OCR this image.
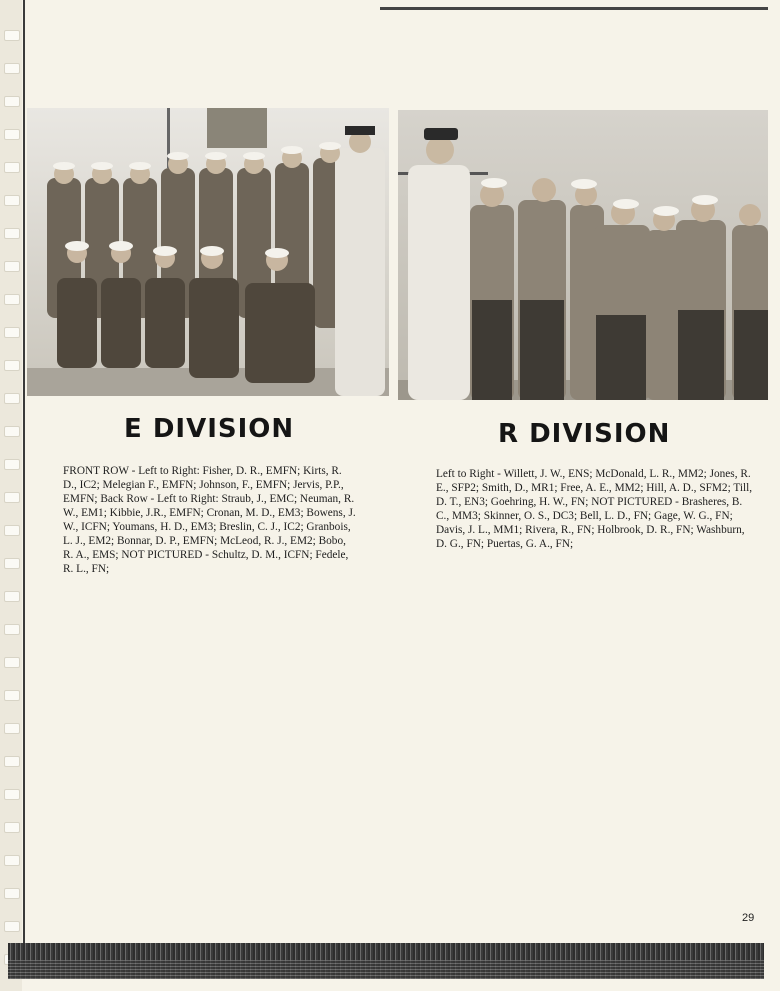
E DIVISION	R DIVISION
FRONT ROW - Left to Right: Fisher, D. R., EMFN; Kirts, R. D., IC2; Melegian F., EMFN; Johnson, F., EMFN; Jervis, P.P., EMFN; Back Row - Left to Right: Straub, J., EMC; Neuman, R. W., EM1; Kibbie, J.R., EMFN; Cronan, M. D., EM3; Bowens, J. W., ICFN; Youmans, H. D., EM3; Breslin, C. J., IC2; Granbois, L. J., EM2; Bonnar, D. P., EMFN; McLeod, R. J., EM2; Bobo, R. A., EMS; NOT PICTURED - Schultz, D. M., ICFN; Fedele, R. L., FN;
Left to Right - Willett, J. W., ENS; McDonald, L. R., MM2; Jones, R. E., SFP2; Smith, D., MR1; Free, A. E., MM2; Hill, A. D., SFM2; Till, D. T., EN3; Goehring, H. W., FN; NOT PICTURED - Brasheres, B. C., MM3; Skinner, O. S., DC3; Bell, L. D., FN; Gage, W. G., FN; Davis, J. L., MM1; Rivera, R., FN; Holbrook, D. R., FN; Washburn, D. G., FN; Puertas, G. A., FN;
29
